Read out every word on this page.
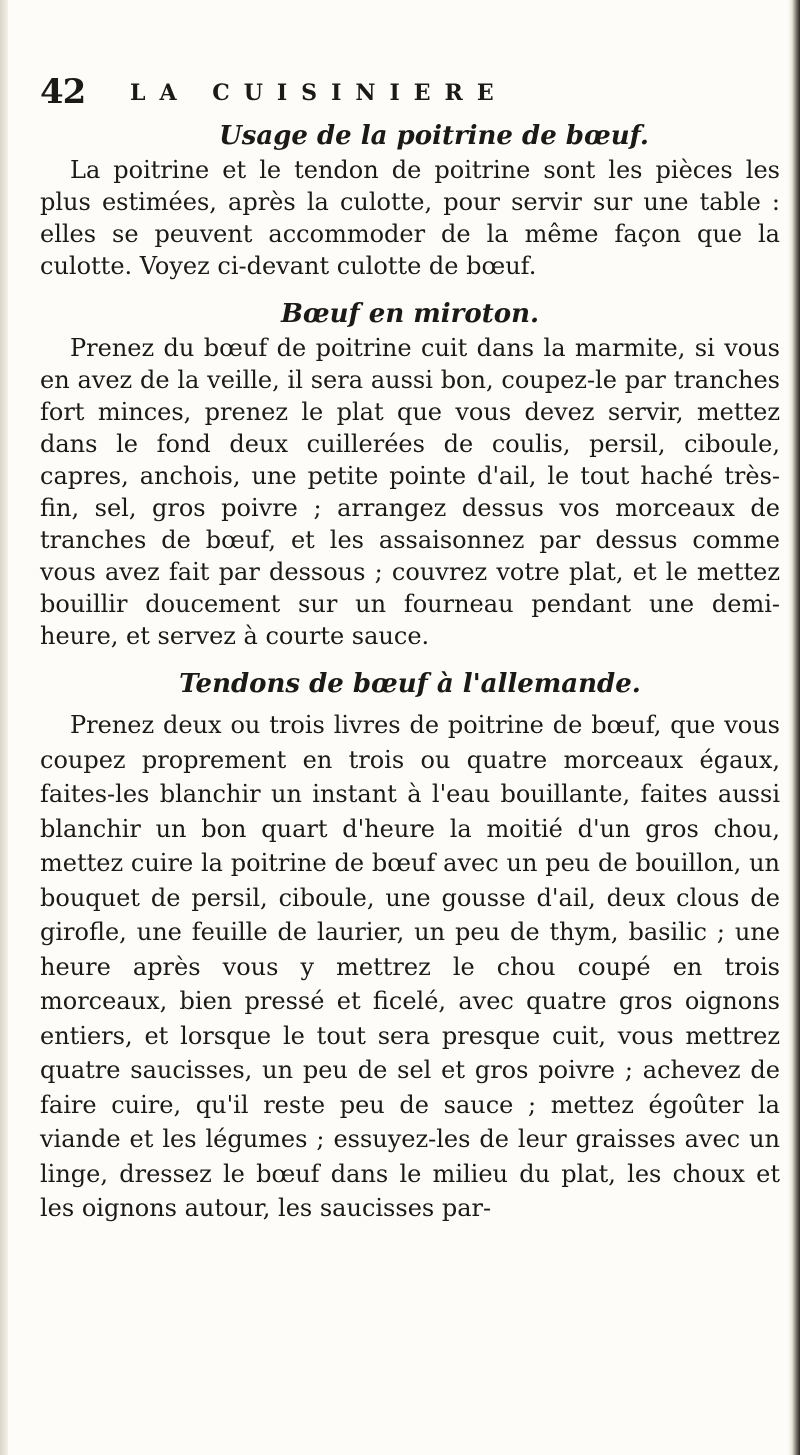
42 LA CUISINIERE
Usage de la poitrine de bœuf.

La poitrine et le tendon de poitrine sont les pièces les plus estimées, après la culotte, pour servir sur une table : elles se peuvent accommoder de la même façon que la culotte. Voyez ci-devant culotte de bœuf.

Bœuf en miroton.

Prenez du bœuf de poitrine cuit dans la marmite, si vous en avez de la veille, il sera aussi bon, coupez-le par tranches fort minces, prenez le plat que vous devez servir, mettez dans le fond deux cuillerées de coulis, persil, ciboule, capres, anchois, une petite pointe d'ail, le tout haché très-fin, sel, gros poivre ; arrangez dessus vos morceaux de tranches de bœuf, et les assaisonnez par dessus comme vous avez fait par dessous ; couvrez votre plat, et le mettez bouillir doucement sur un fourneau pendant une demi-heure, et servez à courte sauce.

Tendons de bœuf à l'allemande.

Prenez deux ou trois livres de poitrine de bœuf, que vous coupez proprement en trois ou quatre morceaux égaux, faites-les blanchir un instant à l'eau bouillante, faites aussi blanchir un bon quart d'heure la moitié d'un gros chou, mettez cuire la poitrine de bœuf avec un peu de bouillon, un bouquet de persil, ciboule, une gousse d'ail, deux clous de girofle, une feuille de laurier, un peu de thym, basilic ; une heure après vous y mettrez le chou coupé en trois morceaux, bien pressé et ficelé, avec quatre gros oignons entiers, et lorsque le tout sera presque cuit, vous mettrez quatre saucisses, un peu de sel et gros poivre ; achevez de faire cuire, qu'il reste peu de sauce ; mettez égoûter la viande et les légumes ; essuyez-les de leur graisses avec un linge, dressez le bœuf dans le milieu du plat, les choux et les oignons autour, les saucisses par-
